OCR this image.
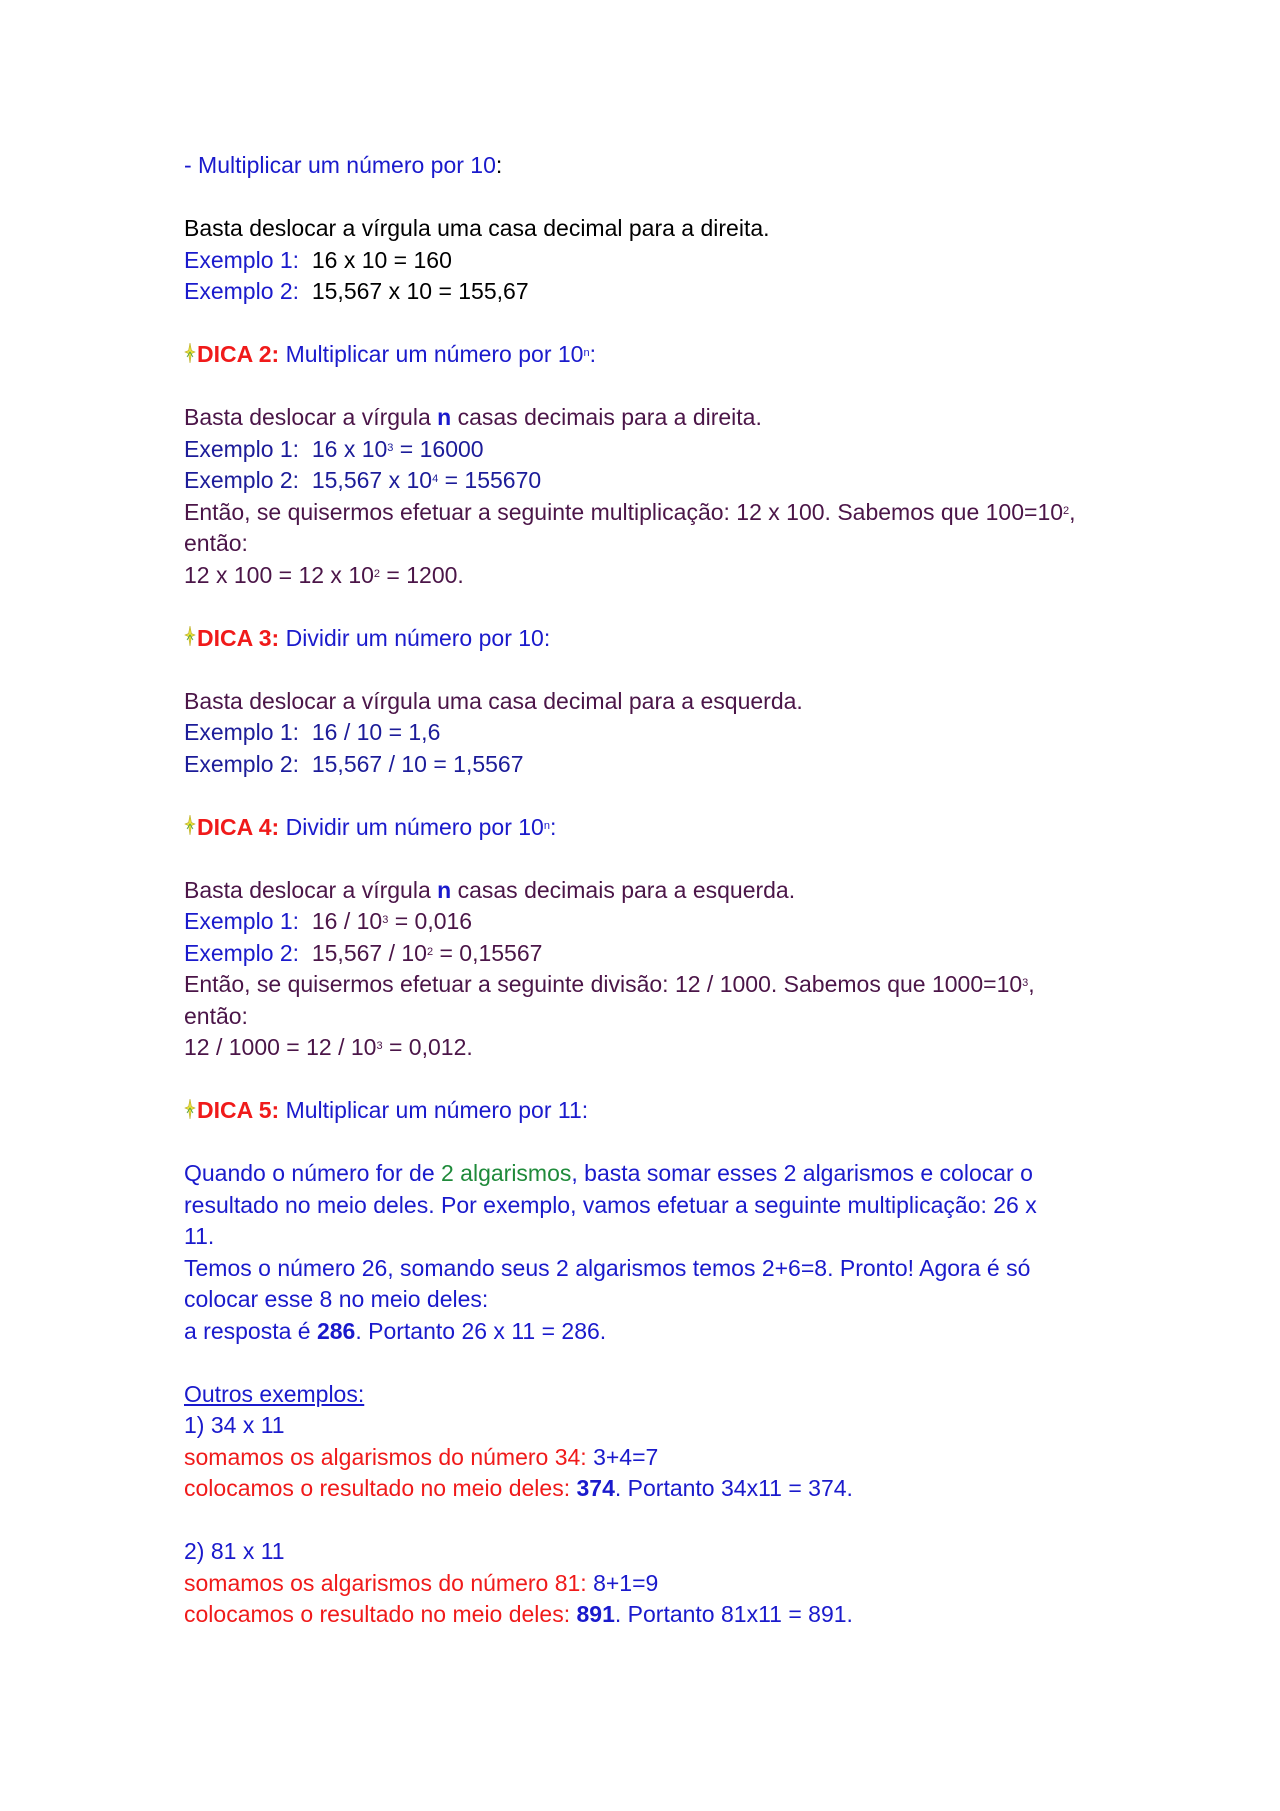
- Multiplicar um número por 10:
Basta deslocar a vírgula uma casa decimal para a direita.
Exemplo 1: 16 x 10 = 160
Exemplo 2: 15,567 x 10 = 155,67
DICA 2: Multiplicar um número por 10$^n$:
Basta deslocar a vírgula n casas decimais para a direita.
Exemplo 1: 16 x $10^3 = 16000$
Exemplo 2: 15,567 x $10^4 = 155670$
Então, se quisermos efetuar a seguinte multiplicação: 12 x 100. Sabemos que $100=10^2$,
então:
12 x 100 = 12 x $10^2 = 1200$.
DICA 3: Dividir um número por 10:
Basta deslocar a vírgula uma casa decimal para a esquerda.
Exemplo 1: 16 / 10 = 1,6
Exemplo 2: 15,567 / 10 = 1,5567
DICA 4: Dividir um número por 10$^n$:
Basta deslocar a vírgula n casas decimais para a esquerda.
Exemplo 1: $16 / 10^3 = 0,016$
Exemplo 2: $15,567 / 10^2 = 0,15567$
Então, se quisermos efetuar a seguinte divisão: 12 / 1000. Sabemos que $1000=10^3$,
então:
$12 / 1000 = 12 / 10^3 = 0,012$.
DICA 5: Multiplicar um número por 11:
Quando o número for de 2 algarismos, basta somar esses 2 algarismos e colocar o
resultado no meio deles. Por exemplo, vamos efetuar a seguinte multiplicação: 26 x
11.
Temos o número 26, somando seus 2 algarismos temos 2+6=8. Pronto! Agora é só
colocar esse 8 no meio deles:
a resposta é 286. Portanto 26 x 11 = 286.
Outros exemplos:
1) 34 x 11
somamos os algarismos do número 34: 3+4=7
colocamos o resultado no meio deles: 374. Portanto 34x11 = 374.
2) 81 x 11
somamos os algarismos do número 81: 8+1=9
colocamos o resultado no meio deles: 891. Portanto 81x11 = 891.
